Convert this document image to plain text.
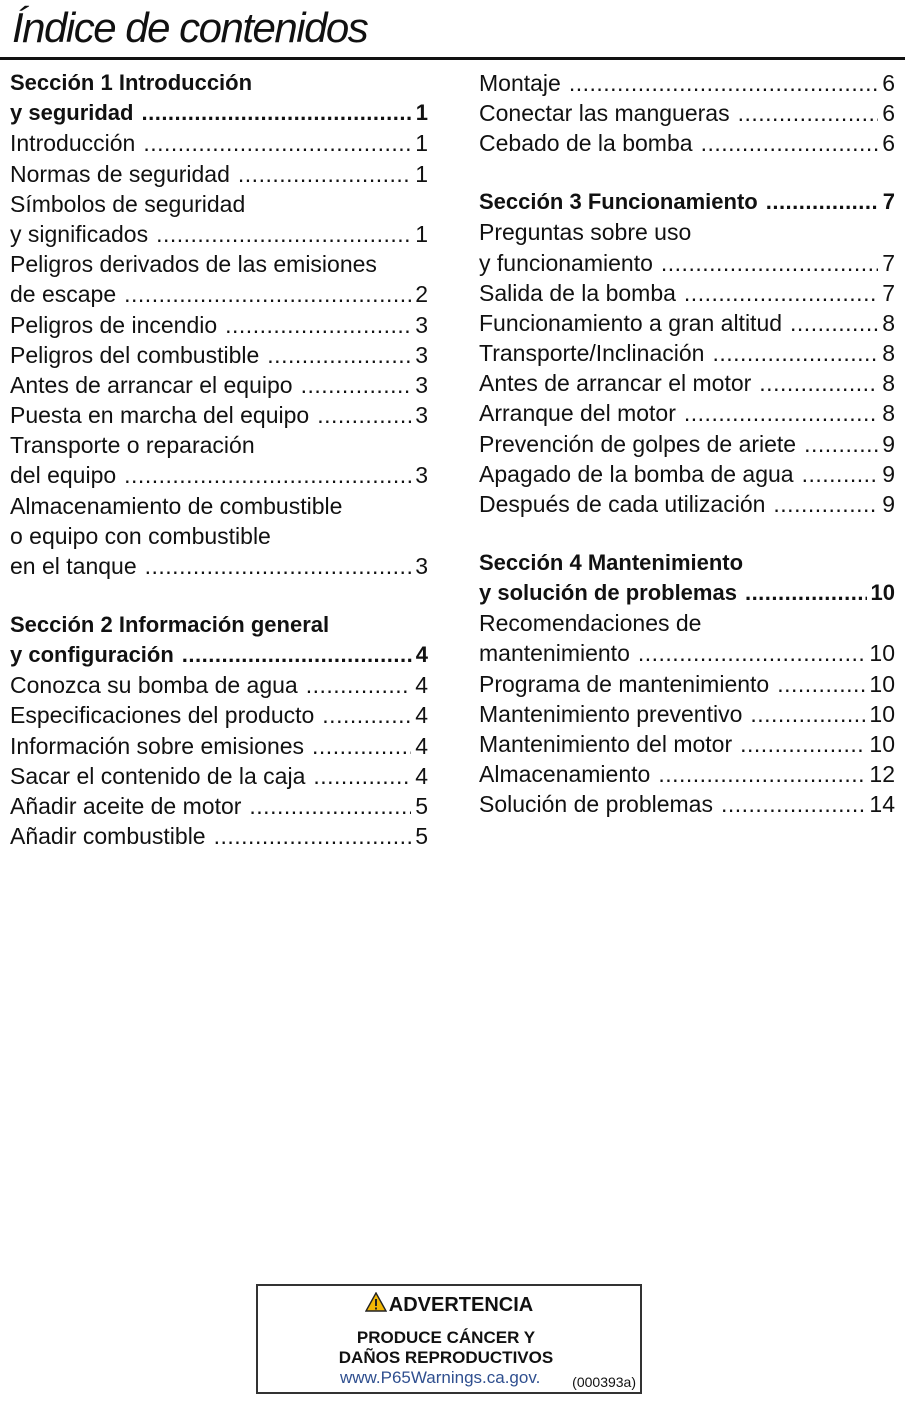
Índice de contenidos
Sección 1 Introducción
y seguridad .....	1
Introducción .....	1
Normas de seguridad .....	1
Símbolos de seguridad
y significados .....	1
Peligros derivados de las emisiones
de escape .....	2
Peligros de incendio .....	3
Peligros del combustible .....	3
Antes de arrancar el equipo .....	3
Puesta en marcha del equipo .....	3
Transporte o reparación
del equipo .....	3
Almacenamiento de combustible
o equipo con combustible
en el tanque .....	3
Sección 2 Información general
y configuración .....	4
Conozca su bomba de agua .....	4
Especificaciones del producto .....	4
Información sobre emisiones .....	4
Sacar el contenido de la caja .....	4
Añadir aceite de motor .....	5
Añadir combustible .....	5
Montaje .....	6
Conectar las mangueras .....	6
Cebado de la bomba .....	6
Sección 3 Funcionamiento .....	7
Preguntas sobre uso
y funcionamiento .....	7
Salida de la bomba .....	7
Funcionamiento a gran altitud .....	8
Transporte/Inclinación .....	8
Antes de arrancar el motor .....	8
Arranque del motor .....	8
Prevención de golpes de ariete .....	9
Apagado de la bomba de agua .....	9
Después de cada utilización .....	9
Sección 4 Mantenimiento
y solución de problemas .....	10
Recomendaciones de
mantenimiento .....	10
Programa de mantenimiento .....	10
Mantenimiento preventivo .....	10
Mantenimiento del motor .....	10
Almacenamiento .....	12
Solución de problemas .....	14
ADVERTENCIA
PRODUCE CÁNCER Y
DAÑOS REPRODUCTIVOS
www.P65Warnings.ca.gov. (000393a)
